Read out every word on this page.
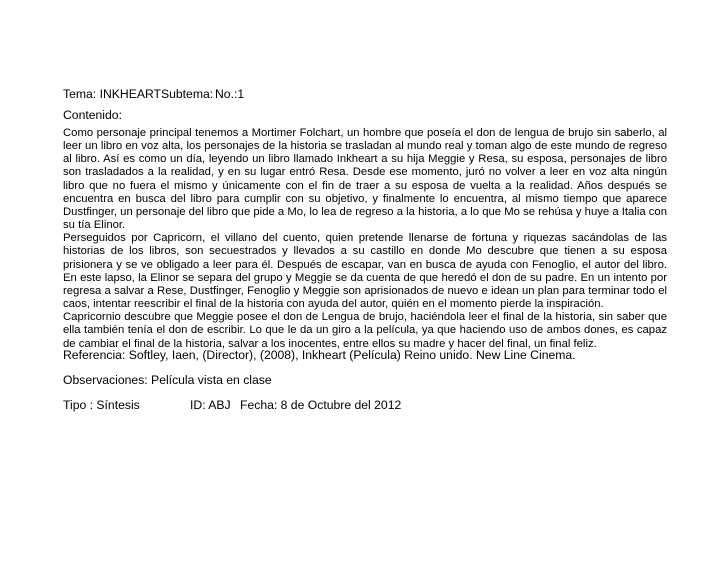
Tema: INKHEARTSubtema: No.:1
Contenido:

Como personaje principal tenemos a Mortimer Folchart, un hombre que poseía el don de lengua de brujo sin saberlo, al leer un libro en voz alta, los personajes de la historia se trasladan al mundo real y toman algo de este mundo de regreso al libro. Así es como un día, leyendo un libro llamado Inkheart a su hija Meggie y Resa, su esposa, personajes de libro son trasladados a la realidad, y en su lugar entró Resa. Desde ese momento, juró no volver a leer en voz alta ningún libro que no fuera el mismo y únicamente con el fin de traer a su esposa de vuelta a la realidad. Años después se encuentra en busca del libro para cumplir con su objetivo, y finalmente lo encuentra, al mismo tiempo que aparece Dustfinger, un personaje del libro que pide a Mo, lo lea de regreso a la historia, a lo que Mo se rehúsa y huye a Italia con su tía Elinor.

Perseguidos por Capricorn, el villano del cuento, quien pretende llenarse de fortuna y riquezas sacándolas de las historias de los libros, son secuestrados y llevados a su castillo en donde Mo descubre que tienen a su esposa prisionera y se ve obligado a leer para él. Después de escapar, van en busca de ayuda con Fenoglio, el autor del libro. En este lapso, la Elinor se separa del grupo y Meggie se da cuenta de que heredó el don de su padre. En un intento por regresa a salvar a Rese, Dustfinger, Fenoglio y Meggie son aprisionados de nuevo e idean un plan para terminar todo el caos, intentar reescribir el final de la historia con ayuda del autor, quién en el momento pierde la inspiración.

Capricornio descubre que Meggie posee el don de Lengua de brujo, haciéndola leer el final de la historia, sin saber que ella también tenía el don de escribir. Lo que le da un giro a la película, ya que haciendo uso de ambos dones, es capaz de cambiar el final de la historia, salvar a los inocentes, entre ellos su madre y hacer del final, un final feliz.

Referencia: Softley, Iaen, (Director), (2008), Inkheart (Película) Reino unido. New Line Cinema.
Observaciones: Película vista en clase
Tipo : Síntesis	ID: ABJ Fecha: 8 de Octubre del 2012
